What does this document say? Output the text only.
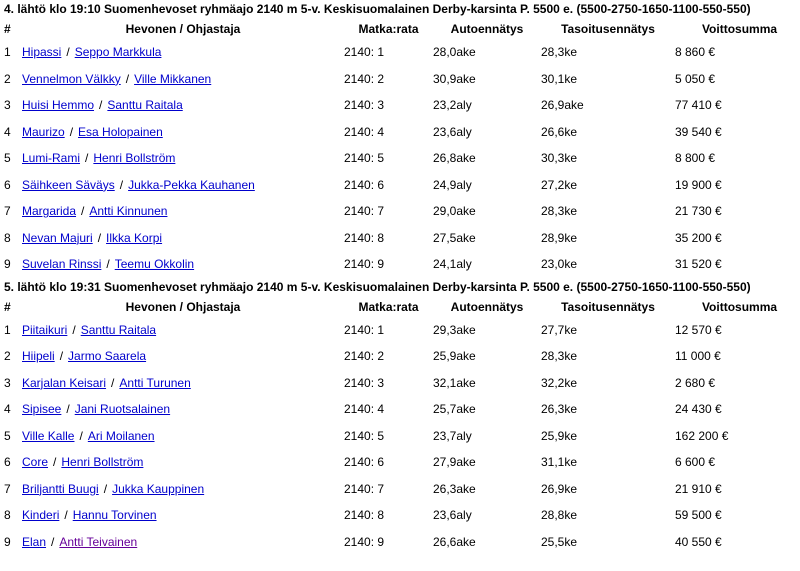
4. lähtö klo 19:10 Suomenhevoset ryhmäajo 2140 m 5-v. Keskisuomalainen Derby-karsinta P. 5500 e. (5500-2750-1650-1100-550-550)
#	Hevonen / Ohjastaja	Matka:rata	Autoennätys	Tasoitusennätys	Voittosumma
1	Hipassi / Seppo Markkula	2140: 1	28,0ake	28,3ke	8 860 €
2	Vennelmon Välkky / Ville Mikkanen	2140: 2	30,9ake	30,1ke	5 050 €
3	Huisi Hemmo / Santtu Raitala	2140: 3	23,2aly	26,9ake	77 410 €
4	Maurizo / Esa Holopainen	2140: 4	23,6aly	26,6ke	39 540 €
5	Lumi-Rami / Henri Bollström	2140: 5	26,8ake	30,3ke	8 800 €
6	Säihkeen Säväys / Jukka-Pekka Kauhanen	2140: 6	24,9aly	27,2ke	19 900 €
7	Margarida / Antti Kinnunen	2140: 7	29,0ake	28,3ke	21 730 €
8	Nevan Majuri / Ilkka Korpi	2140: 8	27,5ake	28,9ke	35 200 €
9	Suvelan Rinssi / Teemu Okkolin	2140: 9	24,1aly	23,0ke	31 520 €
5. lähtö klo 19:31 Suomenhevoset ryhmäajo 2140 m 5-v. Keskisuomalainen Derby-karsinta P. 5500 e. (5500-2750-1650-1100-550-550)
#	Hevonen / Ohjastaja	Matka:rata	Autoennätys	Tasoitusennätys	Voittosumma
1	Piitaikuri / Santtu Raitala	2140: 1	29,3ake	27,7ke	12 570 €
2	Hiipeli / Jarmo Saarela	2140: 2	25,9ake	28,3ke	11 000 €
3	Karjalan Keisari / Antti Turunen	2140: 3	32,1ake	32,2ke	2 680 €
4	Sipisee / Jani Ruotsalainen	2140: 4	25,7ake	26,3ke	24 430 €
5	Ville Kalle / Ari Moilanen	2140: 5	23,7aly	25,9ke	162 200 €
6	Core / Henri Bollström	2140: 6	27,9ake	31,1ke	6 600 €
7	Briljantti Buugi / Jukka Kauppinen	2140: 7	26,3ake	26,9ke	21 910 €
8	Kinderi / Hannu Torvinen	2140: 8	23,6aly	28,8ke	59 500 €
9	Elan / Antti Teivainen	2140: 9	26,6ake	25,5ke	40 550 €
